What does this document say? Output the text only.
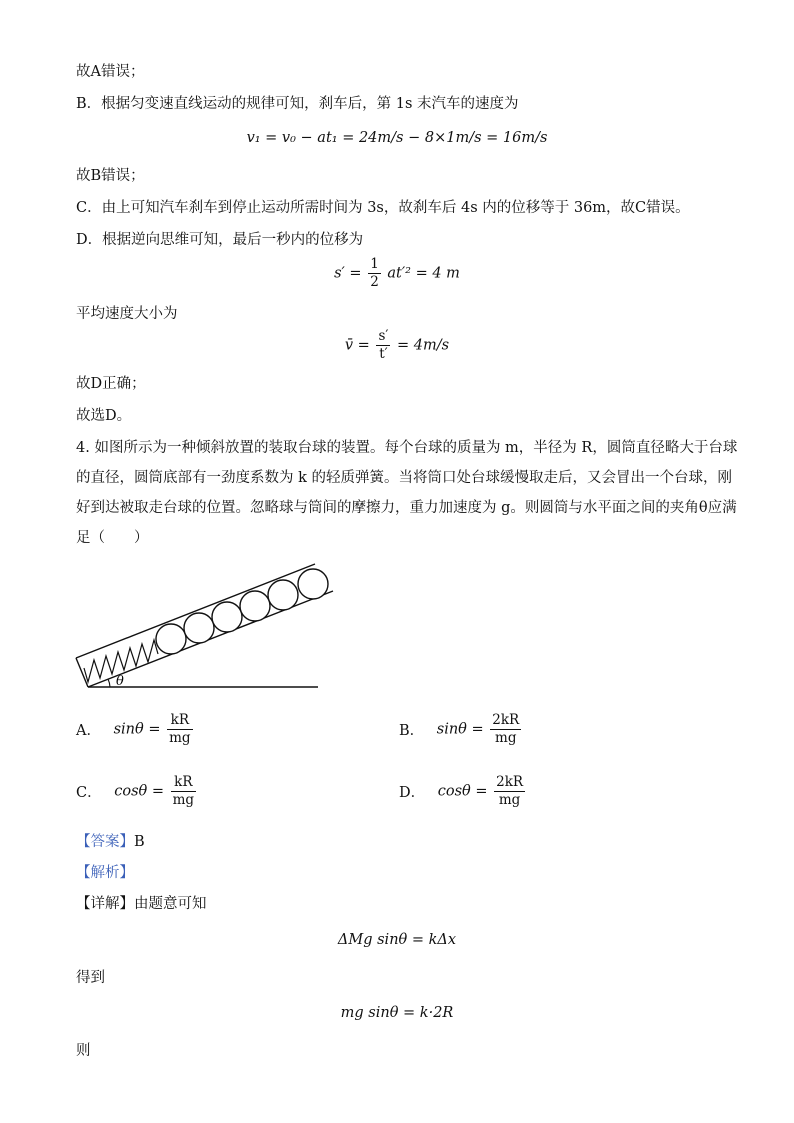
故A错误；
B．根据匀变速直线运动的规律可知，刹车后，第 1s 末汽车的速度为
v₁ = v₀ − at₁ = 24m/s − 8×1m/s = 16m/s
故B错误；
C．由上可知汽车刹车到停止运动所需时间为 3s，故刹车后 4s 内的位移等于 36m，故C错误。
D．根据逆向思维可知，最后一秒内的位移为
$s' = \frac{1}{2} at'^2 = 4$ m
平均速度大小为
v̄ = $\frac{s'}{t'} = 4m/s$
故D正确；
故选D。
4. 如图所示为一种倾斜放置的装取台球的装置。每个台球的质量为 m，半径为 R，圆筒直径略大于台球
的直径，圆筒底部有一劲度系数为 k 的轻质弹簧。当将筒口处台球缓慢取走后，又会冒出一个台球，刚
好到达被取走台球的位置。忽略球与筒间的摩擦力，重力加速度为 g。则圆筒与水平面之间的夹角θ应满
足（　　）
θ
A． $\sin\theta = \frac{kR}{mg}$	B． $\sin\theta = \frac{2kR}{mg}$
C． $\cos\theta = \frac{kR}{mg}$	D． $\cos\theta = \frac{2kR}{mg}$
【答案】B
【解析】
【详解】由题意可知
ΔMg sinθ = kΔx
得到
mg sinθ = k·2R
则
